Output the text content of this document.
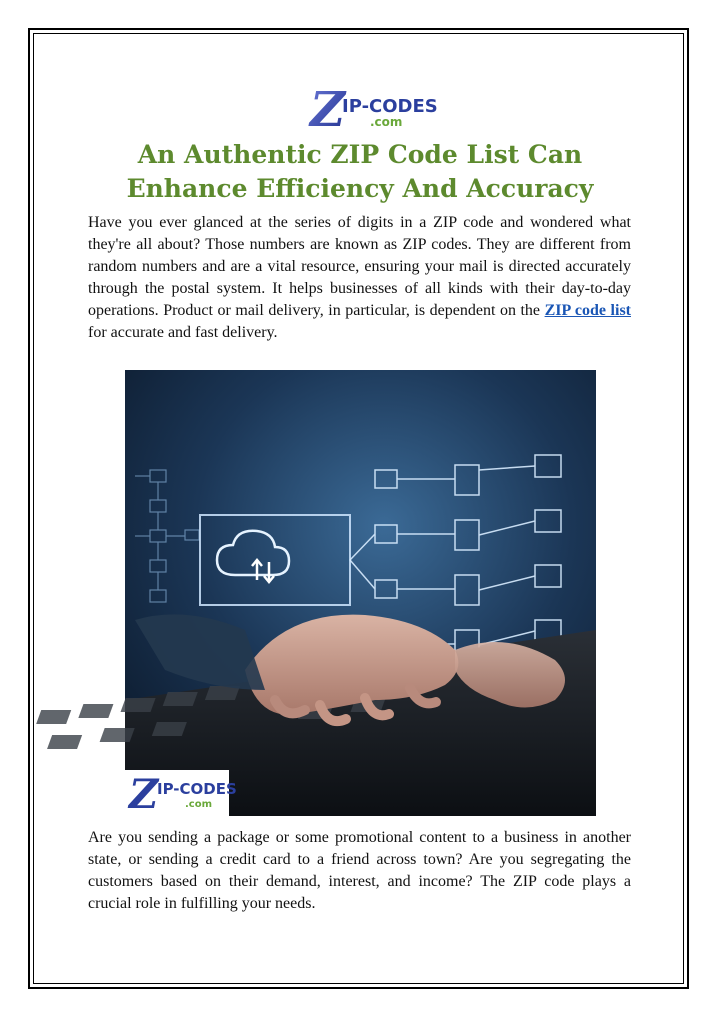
Z
IP-CODES
.com
An Authentic ZIP Code List Can Enhance Efficiency And Accuracy

Have you ever glanced at the series of digits in a ZIP code and wondered what they're all about? Those numbers are known as ZIP codes. They are different from random numbers and are a vital resource, ensuring your mail is directed accurately through the postal system. It helps businesses of all kinds with their day-to-day operations. Product or mail delivery, in particular, is dependent on the ZIP code list for accurate and fast delivery.

Z
IP-CODES
.com

Are you sending a package or some promotional content to a business in another state, or sending a credit card to a friend across town? Are you segregating the customers based on their demand, interest, and income? The ZIP code plays a crucial role in fulfilling your needs.
